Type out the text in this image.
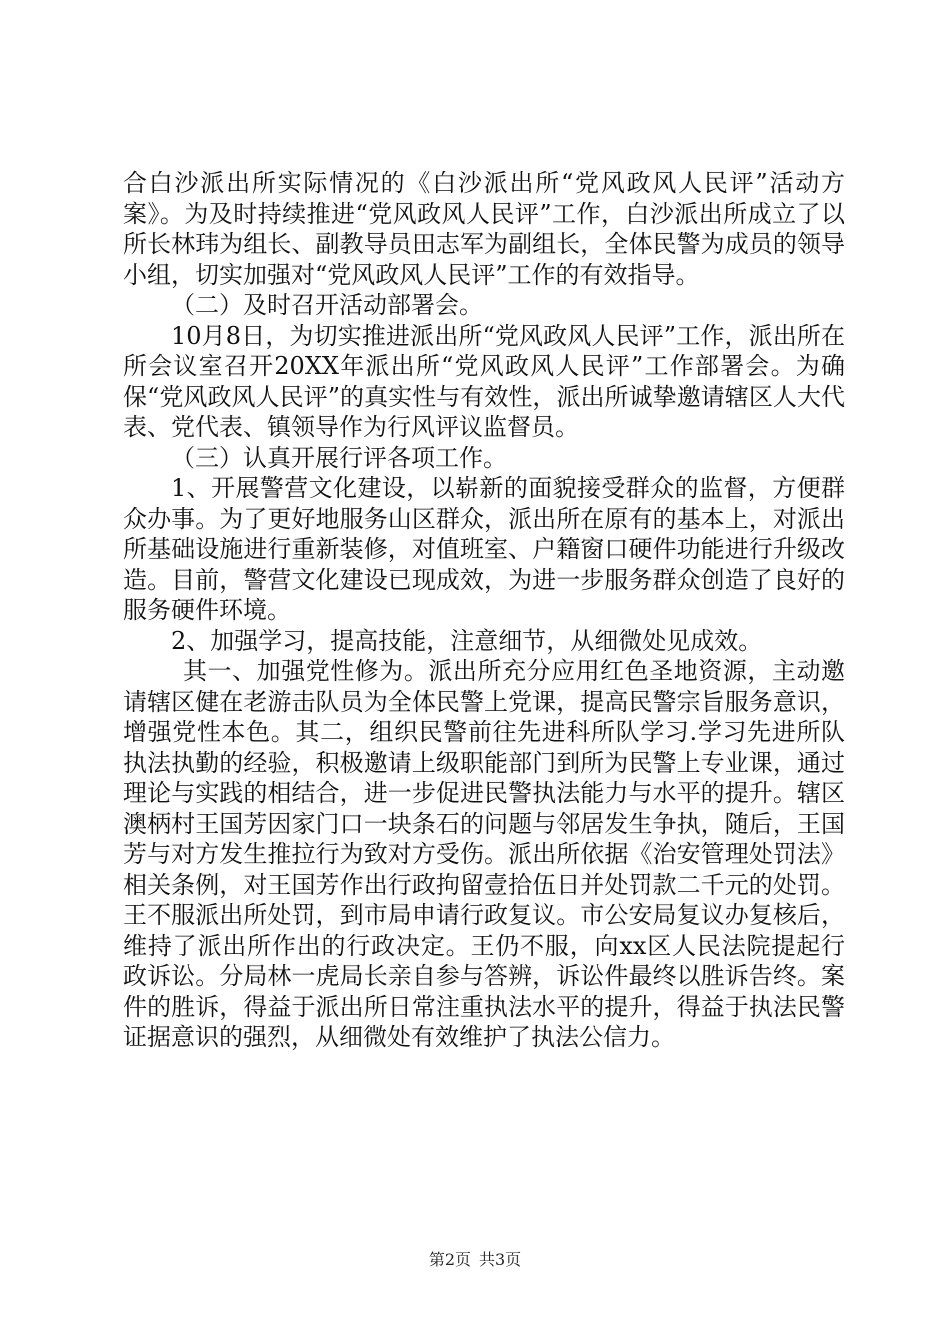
合白沙派出所实际情况的《白沙派出所“党风政风人民评”活动方案》。为及时持续推进“党风政风人民评”工作，白沙派出所成立了以所长林玮为组长、副教导员田志军为副组长，全体民警为成员的领导小组，切实加强对“党风政风人民评”工作的有效指导。

（二）及时召开活动部署会。

10月8日，为切实推进派出所“党风政风人民评”工作，派出所在所会议室召开20XX年派出所“党风政风人民评”工作部署会。为确保“党风政风人民评”的真实性与有效性，派出所诚挚邀请辖区人大代表、党代表、镇领导作为行风评议监督员。

（三）认真开展行评各项工作。

1、开展警营文化建设，以崭新的面貌接受群众的监督，方便群众办事。为了更好地服务山区群众，派出所在原有的基本上，对派出所基础设施进行重新装修，对值班室、户籍窗口硬件功能进行升级改造。目前，警营文化建设已现成效，为进一步服务群众创造了良好的服务硬件环境。

2、加强学习，提高技能，注意细节，从细微处见成效。

其一、加强党性修为。派出所充分应用红色圣地资源，主动邀请辖区健在老游击队员为全体民警上党课，提高民警宗旨服务意识，增强党性本色。其二，组织民警前往先进科所队学习.学习先进所队执法执勤的经验，积极邀请上级职能部门到所为民警上专业课，通过理论与实践的相结合，进一步促进民警执法能力与水平的提升。辖区澳柄村王国芳因家门口一块条石的问题与邻居发生争执，随后，王国芳与对方发生推拉行为致对方受伤。派出所依据《治安管理处罚法》相关条例，对王国芳作出行政拘留壹拾伍日并处罚款二千元的处罚。王不服派出所处罚，到市局申请行政复议。市公安局复议办复核后，维持了派出所作出的行政决定。王仍不服，向xx区人民法院提起行政诉讼。分局林一虎局长亲自参与答辨，诉讼件最终以胜诉告终。案件的胜诉，得益于派出所日常注重执法水平的提升，得益于执法民警证据意识的强烈，从细微处有效维护了执法公信力。

第2页 共3页
